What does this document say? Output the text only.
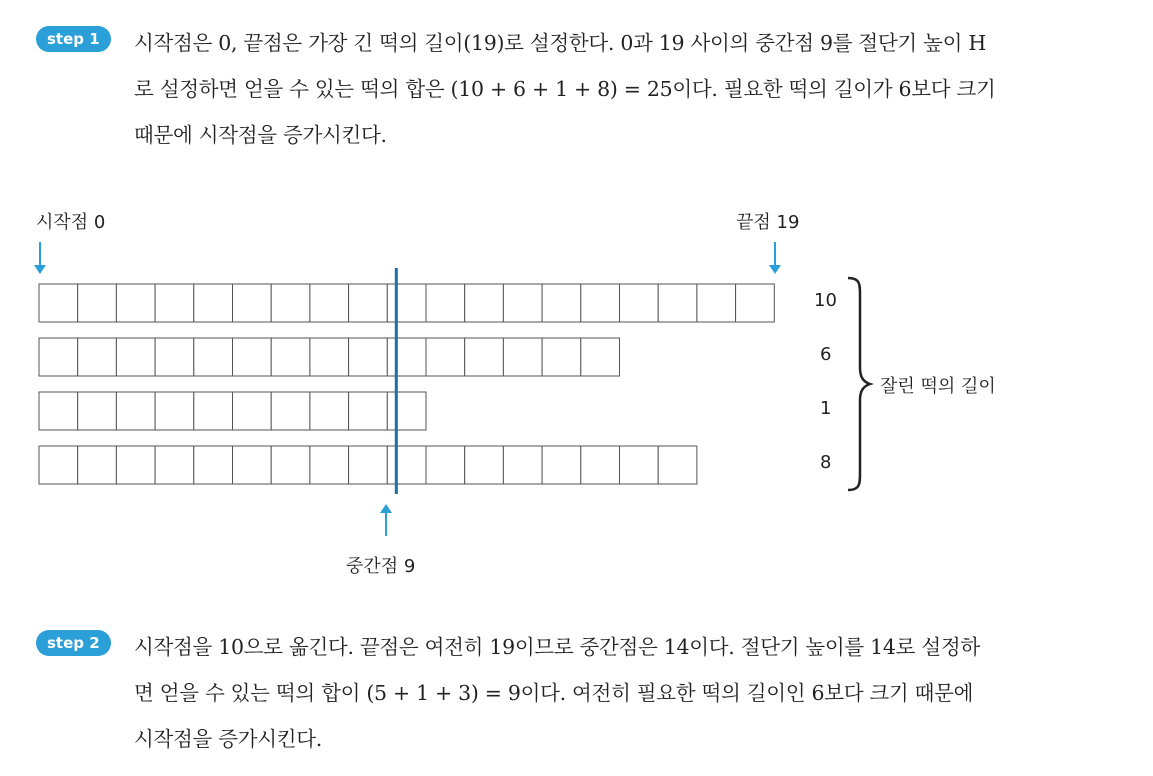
step 1	시작점은 0, 끝점은 가장 긴 떡의 길이(19)로 설정한다. 0과 19 사이의 중간점 9를 절단기 높이 H
로 설정하면 얻을 수 있는 떡의 합은 (10 + 6 + 1 + 8) = 25이다. 필요한 떡의 길이가 6보다 크기
때문에 시작점을 증가시킨다.
시작점 0	끝점 19
중간점 9
10
6
1
8
잘린 떡의 길이
step 2	시작점을 10으로 옮긴다. 끝점은 여전히 19이므로 중간점은 14이다. 절단기 높이를 14로 설정하
면 얻을 수 있는 떡의 합이 (5 + 1 + 3) = 9이다. 여전히 필요한 떡의 길이인 6보다 크기 때문에
시작점을 증가시킨다.
